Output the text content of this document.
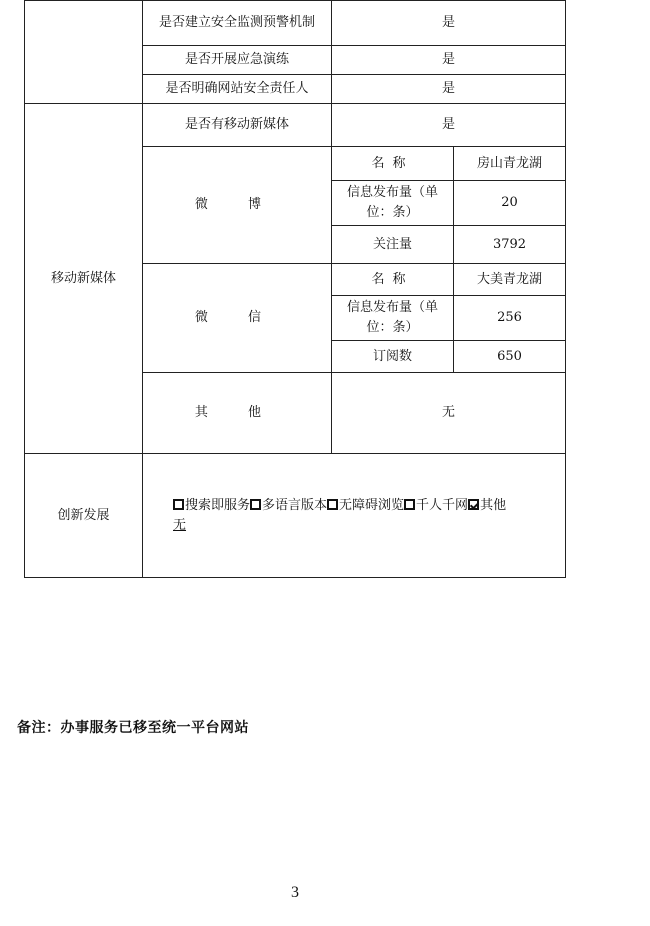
	是否建立安全监测预警机制	是	
	是否开展应急演练	是	
	是否明确网站安全责任人	是	
移动新媒体	是否有移动新媒体	是	
	微 博	名称	房山青龙湖
		信息发布量（单位：条）	20
		关注量	3792
	微 信	名称	大美青龙湖
		信息发布量（单位：条）	256
		订阅数	650
	其 他	无	
创新发展	搜索即服务 多语言版本 无障碍浏览 千人千网 其他
无		
备注：办事服务已移至统一平台网站
3
